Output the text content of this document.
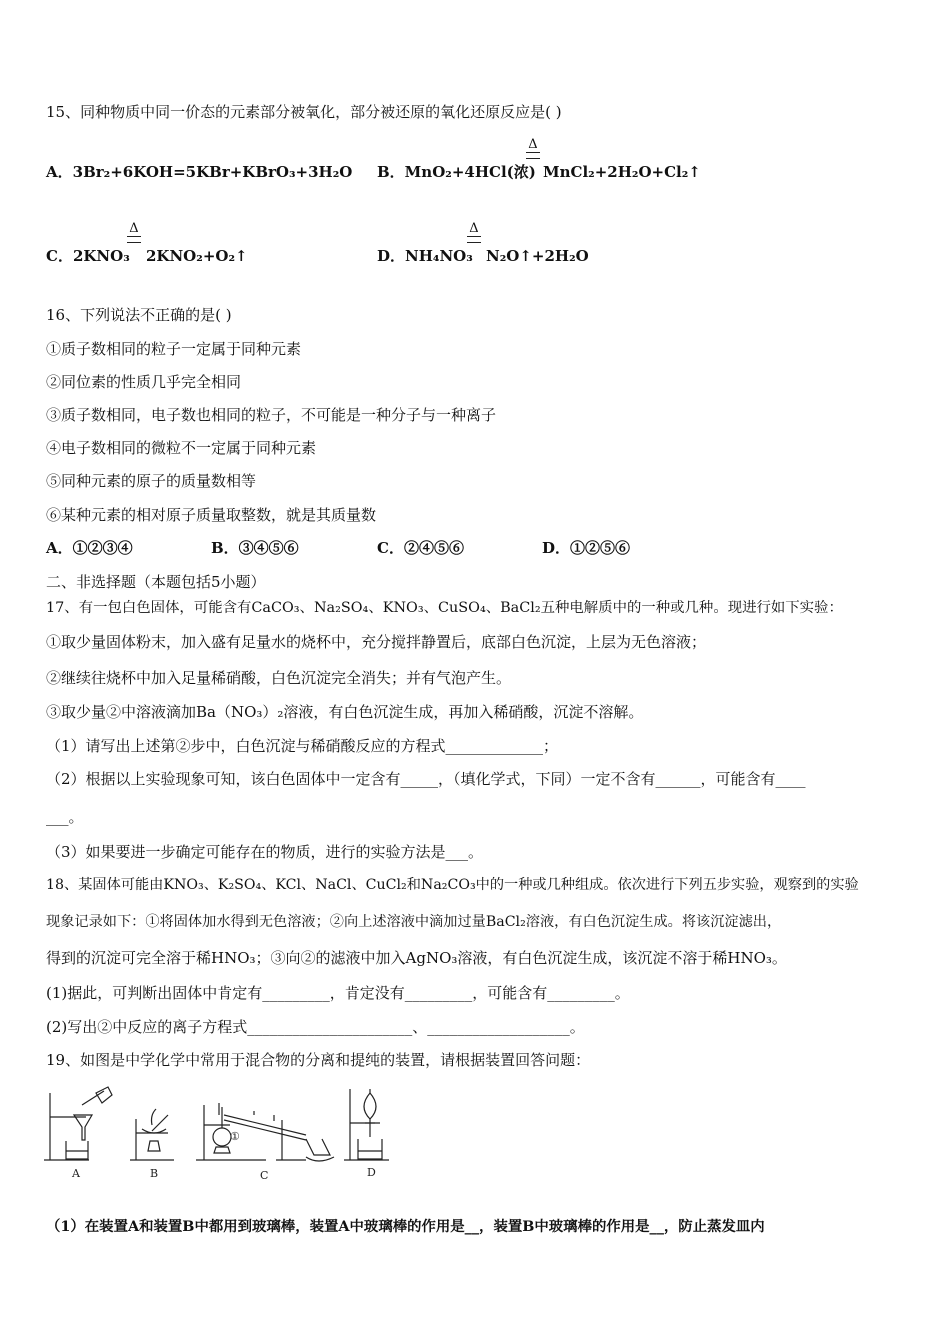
15、同种物质中同一价态的元素部分被氧化，部分被还原的氧化还原反应是( )
A．3Br₂+6KOH=5KBr+KBrO₃+3H₂O
Δ
B．MnO₂+4HCl(浓) MnCl₂+2H₂O+Cl₂↑
Δ
C．2KNO₃ 2KNO₂+O₂↑
Δ
D．NH₄NO₃ N₂O↑+2H₂O
16、下列说法不正确的是( )
①质子数相同的粒子一定属于同种元素
②同位素的性质几乎完全相同
③质子数相同，电子数也相同的粒子，不可能是一种分子与一种离子
④电子数相同的微粒不一定属于同种元素
⑤同种元素的原子的质量数相等
⑥某种元素的相对原子质量取整数，就是其质量数
A．①②③④	B．③④⑤⑥	C．②④⑤⑥	D．①②⑤⑥
二、非选择题（本题包括5小题）
17、有一包白色固体，可能含有CaCO₃、Na₂SO₄、KNO₃、CuSO₄、BaCl₂五种电解质中的一种或几种。现进行如下实验：
①取少量固体粉末，加入盛有足量水的烧杯中，充分搅拌静置后，底部白色沉淀，上层为无色溶液；
②继续往烧杯中加入足量稀硝酸，白色沉淀完全消失；并有气泡产生。
③取少量②中溶液滴加Ba（NO₃）₂溶液，有白色沉淀生成，再加入稀硝酸，沉淀不溶解。
（1）请写出上述第②步中，白色沉淀与稀硝酸反应的方程式_____________；
（2）根据以上实验现象可知，该白色固体中一定含有_____，（填化学式，下同）一定不含有______，可能含有____
___。
（3）如果要进一步确定可能存在的物质，进行的实验方法是___。
18、某固体可能由KNO₃、K₂SO₄、KCl、NaCl、CuCl₂和Na₂CO₃中的一种或几种组成。依次进行下列五步实验，观察到的实验
现象记录如下：①将固体加水得到无色溶液；②向上述溶液中滴加过量BaCl₂溶液，有白色沉淀生成。将该沉淀滤出，
得到的沉淀可完全溶于稀HNO₃；③向②的滤液中加入AgNO₃溶液，有白色沉淀生成，该沉淀不溶于稀HNO₃。
(1)据此，可判断出固体中肯定有_________，肯定没有_________，可能含有_________。
(2)写出②中反应的离子方程式______________________、___________________。
19、如图是中学化学中常用于混合物的分离和提纯的装置，请根据装置回答问题：
①
A	B	C	D
（1）在装置A和装置B中都用到玻璃棒，装置A中玻璃棒的作用是__，装置B中玻璃棒的作用是__，防止蒸发皿内
